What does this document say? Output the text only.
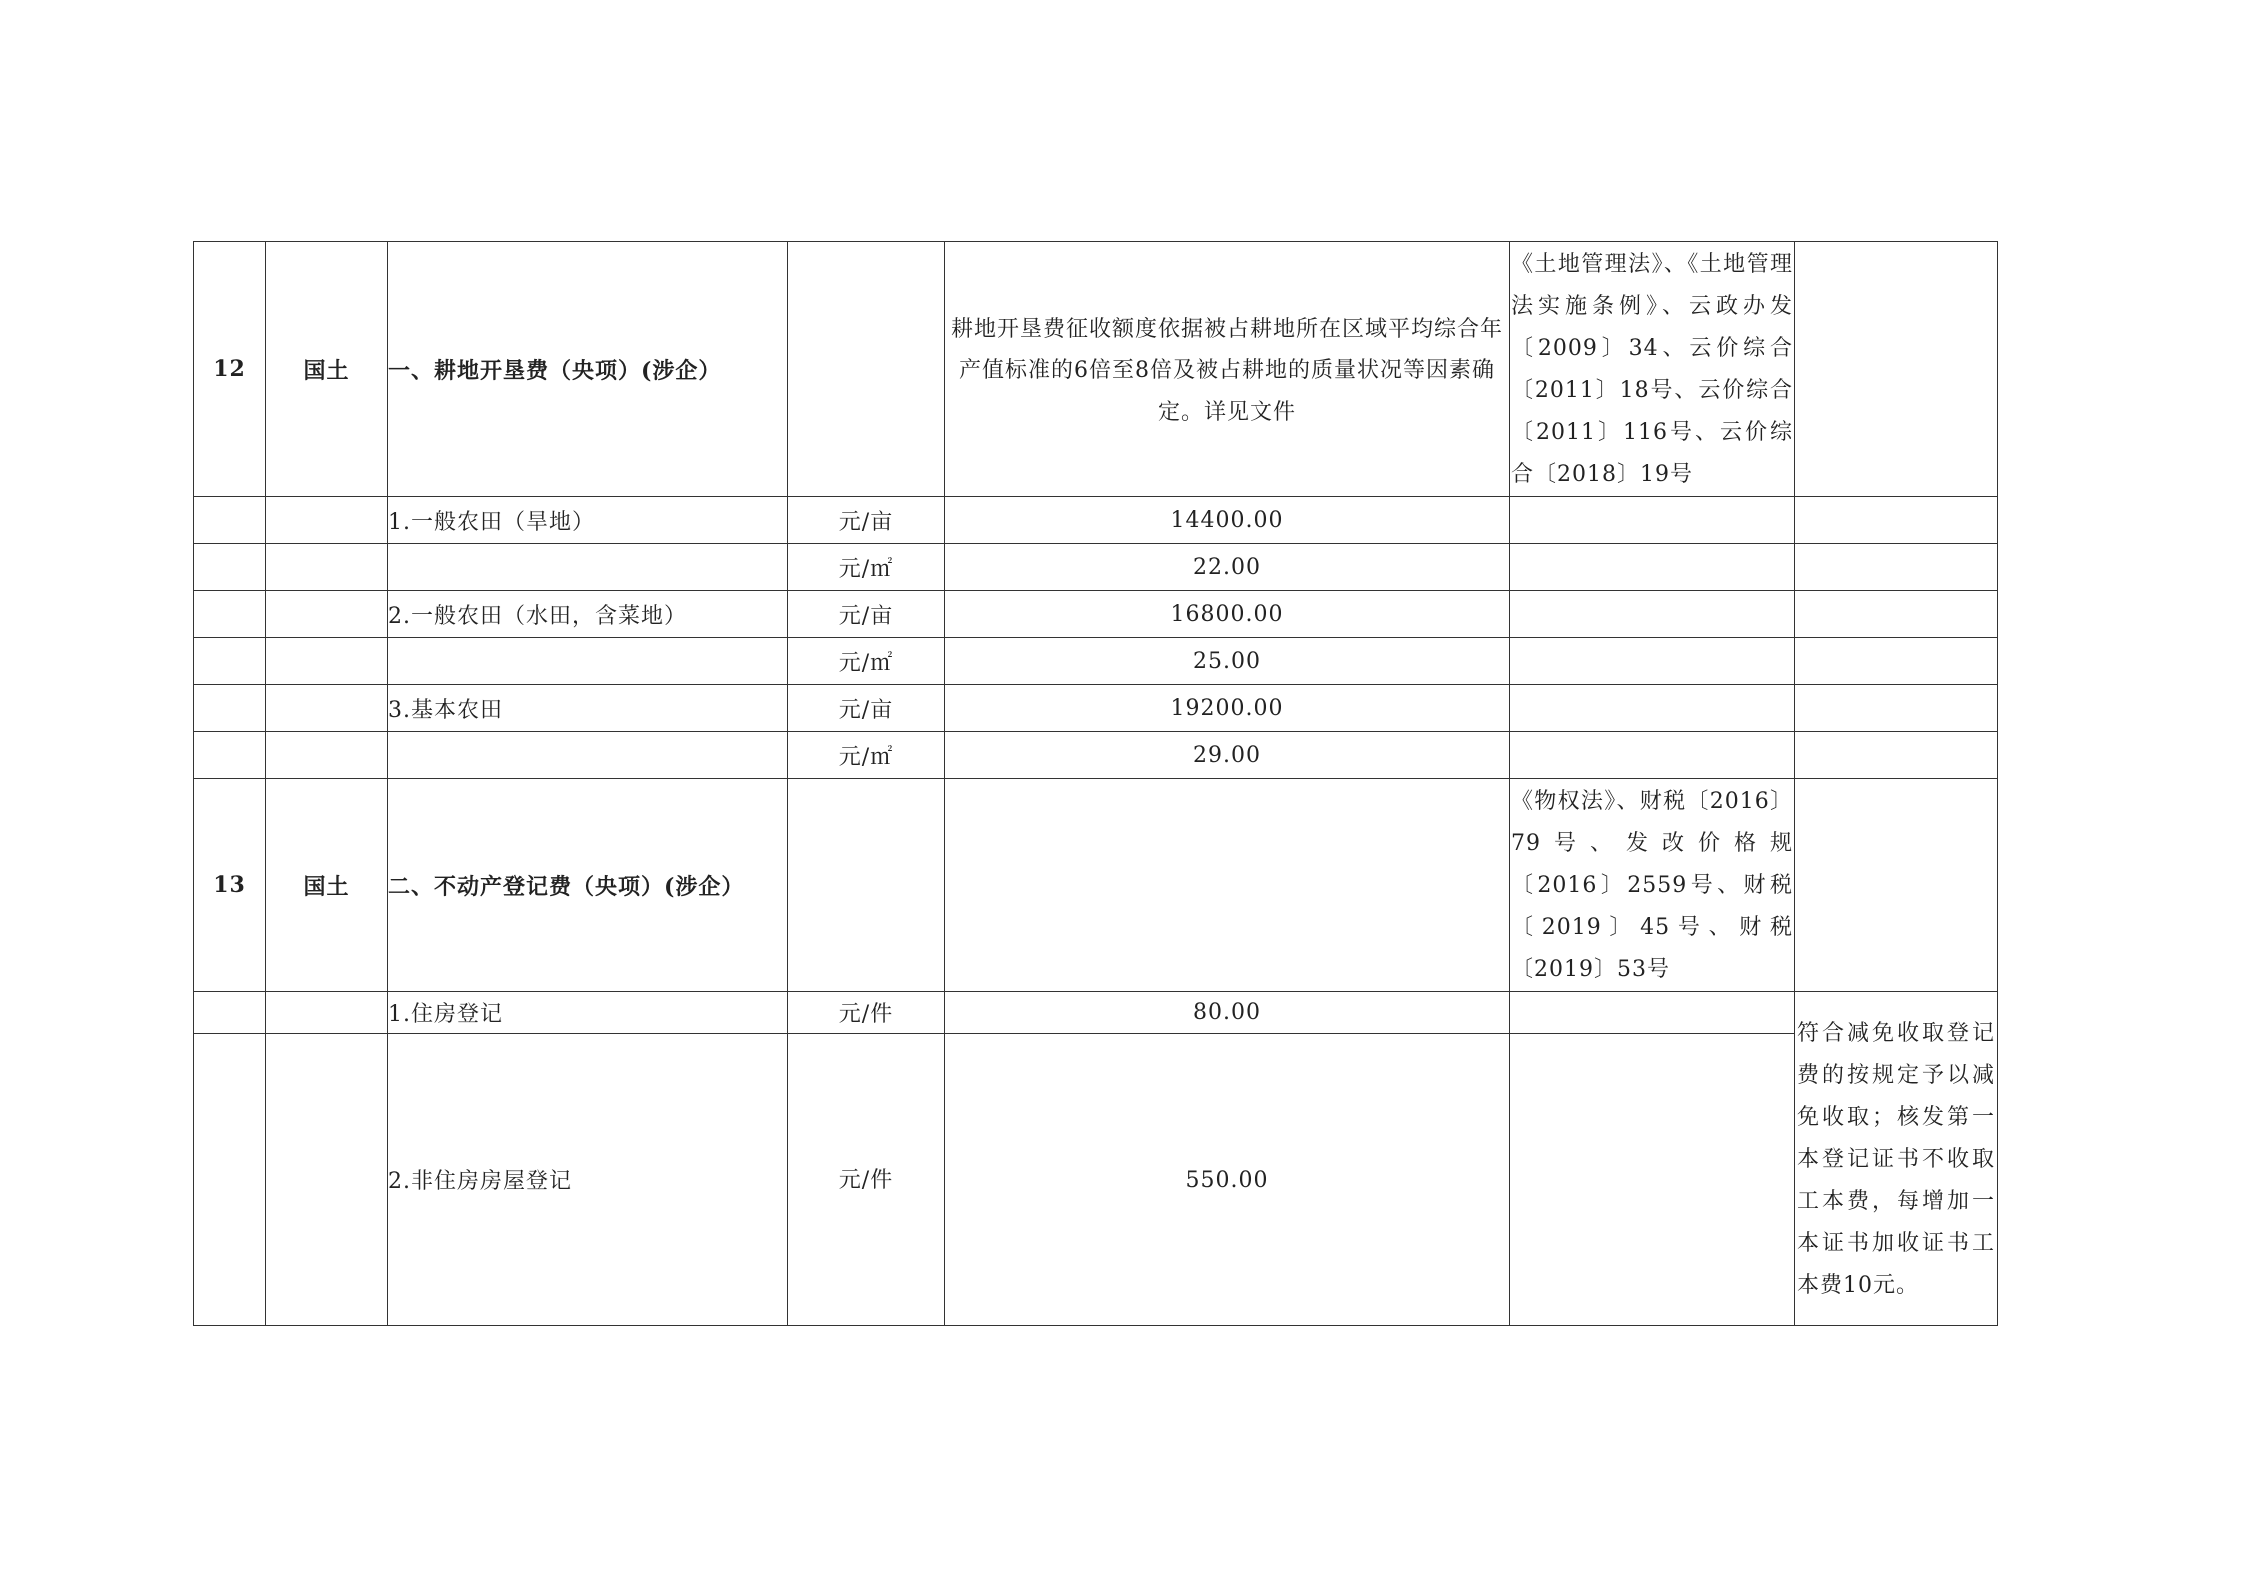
12	国土	一、耕地开垦费（央项）(涉企）		耕地开垦费征收额度依据被占耕地所在区域平均综合年产值标准的6倍至8倍及被占耕地的质量状况等因素确定。详见文件	《土地管理法》、《土地管理法实施条例》、云政办发〔2009〕34、云价综合〔2011〕18号、云价综合〔2011〕116号、云价综合〔2018〕19号	

		1.一般农田（旱地）	元/亩	14400.00		
			元/㎡	22.00		
		2.一般农田（水田，含菜地）	元/亩	16800.00		
			元/㎡	25.00		
		3.基本农田	元/亩	19200.00		
			元/㎡	29.00		
13	国土	二、不动产登记费（央项）(涉企）			《物权法》、财税〔2016〕79号、发改价格规〔2016〕2559号、财税〔2019〕45号、财税〔2019〕53号	

		1.住房登记	元/件	80.00		符合减免收取登记费的按规定予以减免收取；核发第一本登记证书不收取工本费，每增加一本证书加收证书工本费10元。

		2.非住房房屋登记	元/件	550.00		
